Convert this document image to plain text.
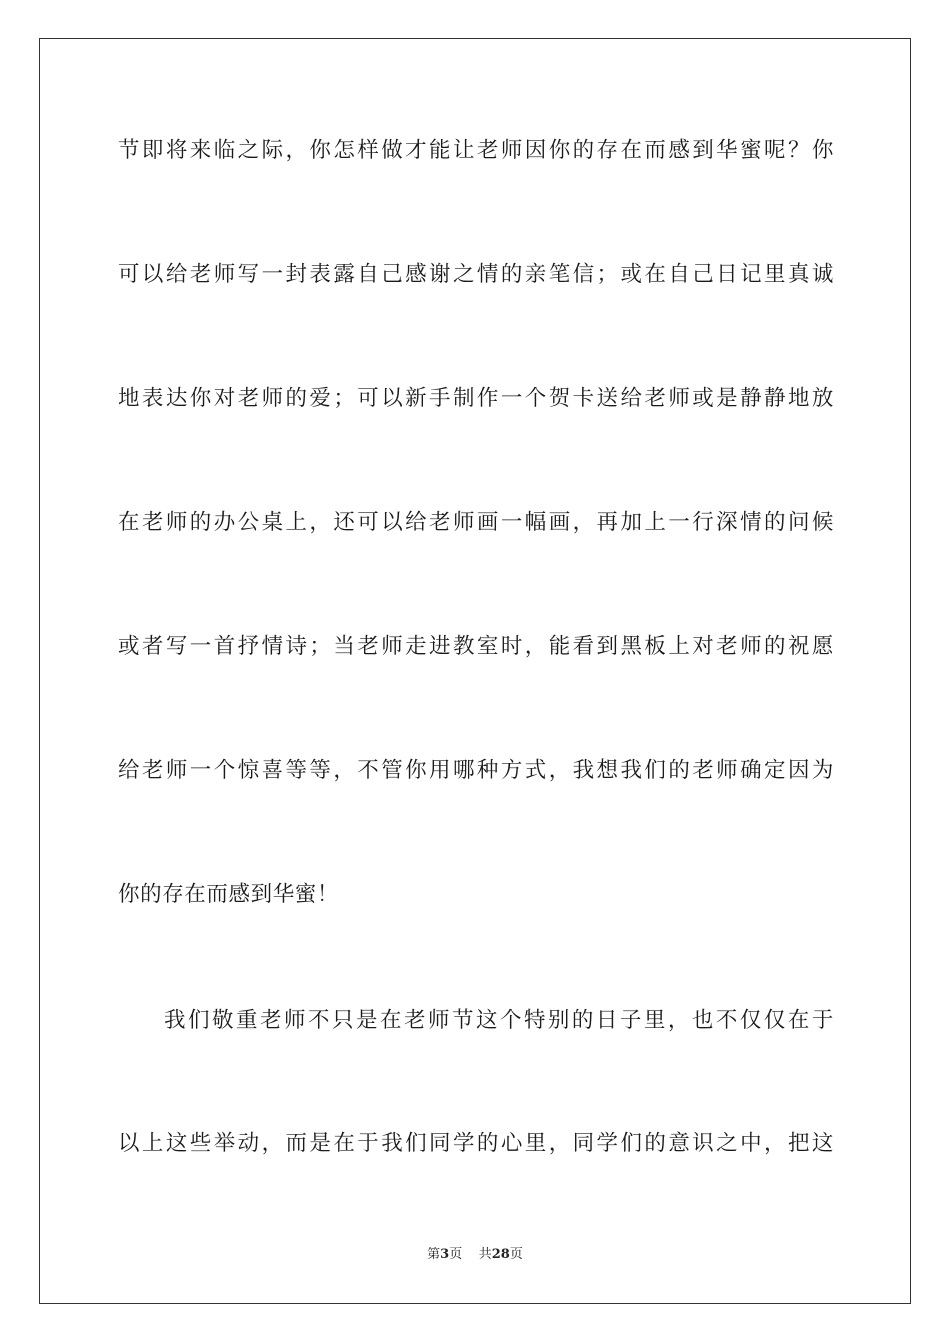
节即将来临之际，你怎样做才能让老师因你的存在而感到华蜜呢？你
可以给老师写一封表露自己感谢之情的亲笔信；或在自己日记里真诚
地表达你对老师的爱；可以新手制作一个贺卡送给老师或是静静地放
在老师的办公桌上，还可以给老师画一幅画，再加上一行深情的问候
或者写一首抒情诗；当老师走进教室时，能看到黑板上对老师的祝愿
给老师一个惊喜等等，不管你用哪种方式，我想我们的老师确定因为
你的存在而感到华蜜！
我们敬重老师不只是在老师节这个特别的日子里，也不仅仅在于
以上这些举动，而是在于我们同学的心里，同学们的意识之中，把这
第3页 共28页
